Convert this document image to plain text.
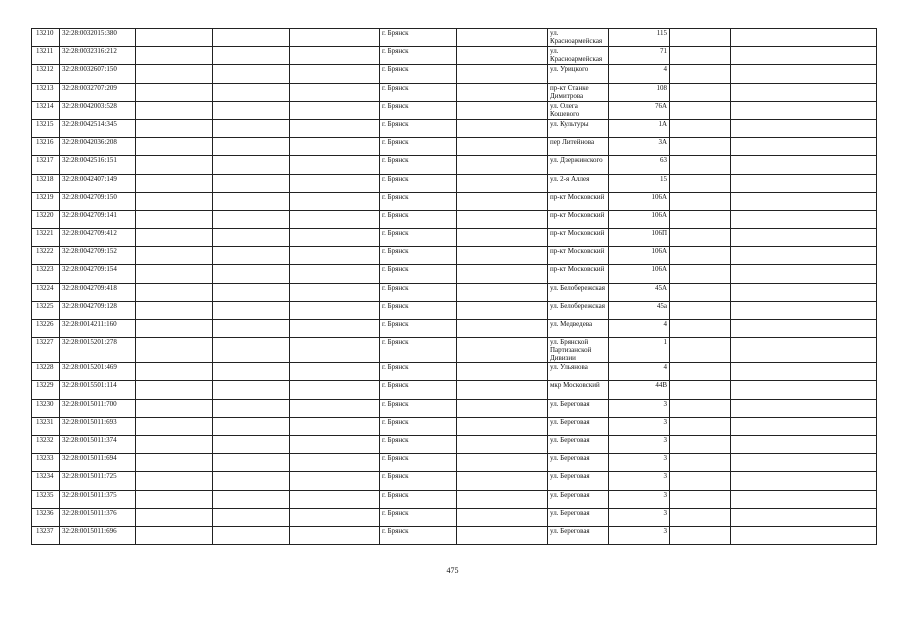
13210	32:28:0032015:380				г. Брянск		ул. Красноармейская	115		
13211	32:28:0032316:212				г. Брянск		ул. Красноармейская	71		
13212	32:28:0032607:150				г. Брянск		ул. Урицкого	4		
13213	32:28:0032707:209				г. Брянск		пр-кт Станке Димитрова	108		
13214	32:28:0042003:528				г. Брянск		ул. Олега Кошевого	76А		
13215	32:28:0042514:345				г. Брянск		ул. Культуры	1А		
13216	32:28:0042036:208				г. Брянск		пер Литейнова	3А		
13217	32:28:0042516:151				г. Брянск		ул. Дзержинского	63		
13218	32:28:0042407:149				г. Брянск		ул. 2-я Аллея	15		
13219	32:28:0042709:150				г. Брянск		пр-кт Московский	106А		
13220	32:28:0042709:141				г. Брянск		пр-кт Московский	106А		
13221	32:28:0042709:412				г. Брянск		пр-кт Московский	106П		
13222	32:28:0042709:152				г. Брянск		пр-кт Московский	106А		
13223	32:28:0042709:154				г. Брянск		пр-кт Московский	106А		
13224	32:28:0042709:418				г. Брянск		ул. Белобережская	45А		
13225	32:28:0042709:128				г. Брянск		ул. Белобережская	45а		
13226	32:28:0014211:160				г. Брянск		ул. Медведева	4		
13227	32:28:0015201:278				г. Брянск		ул. Брянской Партизанской Дивизии	1		
13228	32:28:0015201:469				г. Брянск		ул. Ульянова	4		
13229	32:28:0015501:114				г. Брянск		мкр Московский	44В		
13230	32:28:0015011:700				г. Брянск		ул. Береговая	3		
13231	32:28:0015011:693				г. Брянск		ул. Береговая	3		
13232	32:28:0015011:374				г. Брянск		ул. Береговая	3		
13233	32:28:0015011:694				г. Брянск		ул. Береговая	3		
13234	32:28:0015011:725				г. Брянск		ул. Береговая	3		
13235	32:28:0015011:375				г. Брянск		ул. Береговая	3		
13236	32:28:0015011:376				г. Брянск		ул. Береговая	3		
13237	32:28:0015011:696				г. Брянск		ул. Береговая	3		
475
